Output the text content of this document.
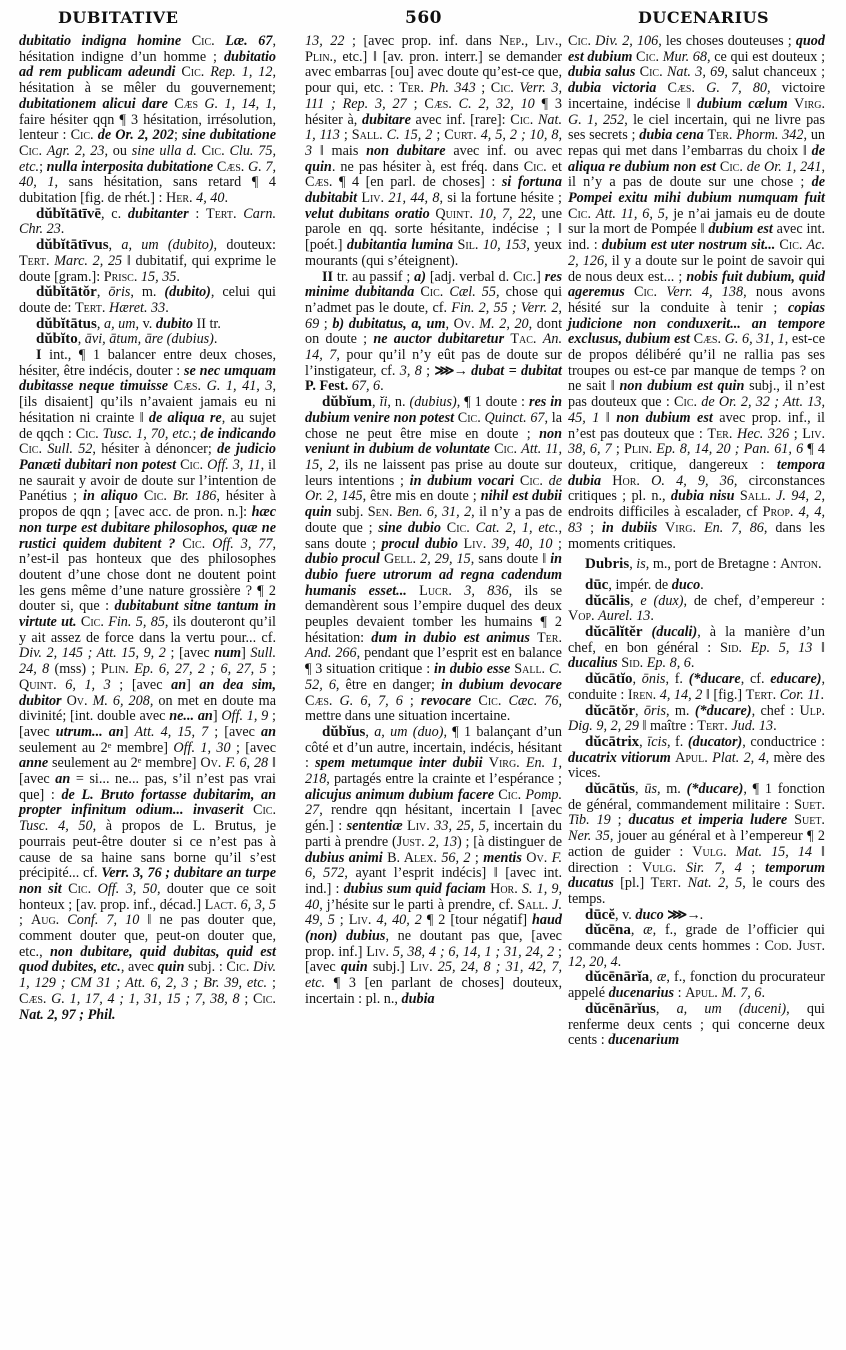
DUBITATIVE	560	DUCENARIUS

dubitatio indigna homine Cic. Læ. 67, hésitation indigne d’un homme ; dubitatio ad rem publicam adeundi Cic. Rep. 1, 12, hésitation à se mêler du gouvernement; dubitationem alicui dare Cæs G. 1, 14, 1, faire hésiter qqn ¶ 3 hésitation, irrésolution, lenteur : Cic. de Or. 2, 202; sine dubitatione Cic. Agr. 2, 23, ou sine ulla d. Cic. Clu. 75, etc.; nulla interposita dubitatione Cæs. G. 7, 40, 1, sans hésitation, sans retard ¶ 4 dubitation [fig. de rhét.] : Her. 4, 40.

dŭbĭtātīvē, c. dubitanter : Tert. Carn. Chr. 23.

dŭbĭtātīvus, a, um (dubito), douteux: Tert. Marc. 2, 25 ‖ dubitatif, qui exprime le doute [gram.]: Prisc. 15, 35.

dŭbĭtātŏr, ōris, m. (dubito), celui qui doute de: Tert. Hæret. 33.

dŭbĭtātus, a, um, v. dubito II tr.

dŭbĭto, āvi, ātum, āre (dubius).

I int., ¶ 1 balancer entre deux choses, hésiter, être indécis, douter : se nec umquam dubitasse neque timuisse Cæs. G. 1, 41, 3, [ils disaient] qu’ils n’avaient jamais eu ni hésitation ni crainte ‖ de aliqua re, au sujet de qqch : Cic. Tusc. 1, 70, etc.; de indicando Cic. Sull. 52, hésiter à dénoncer; de judicio Panæti dubitari non potest Cic. Off. 3, 11, il ne saurait y avoir de doute sur l’intention de Panétius ; in aliquo Cic. Br. 186, hésiter à propos de qqn ; [avec acc. de pron. n.]: hæc non turpe est dubitare philosophos, quæ ne rustici quidem dubitent ? Cic. Off. 3, 77, n’est-il pas honteux que des philosophes doutent d’une chose dont ne doutent point les gens même d’une nature grossière ? ¶ 2 douter si, que : dubitabunt sitne tantum in virtute ut. Cic. Fin. 5, 85, ils douteront qu’il y ait assez de force dans la vertu pour... cf. Div. 2, 145 ; Att. 15, 9, 2 ; [avec num] Sull. 24, 8 (mss) ; Plin. Ep. 6, 27, 2 ; 6, 27, 5 ; Quint. 6, 1, 3 ; [avec an] an dea sim, dubitor Ov. M. 6, 208, on met en doute ma divinité; [int. double avec ne... an] Off. 1, 9 ; [avec utrum... an] Att. 4, 15, 7 ; [avec an seulement au 2ᵉ membre] Off. 1, 30 ; [avec anne seulement au 2ᵉ membre] Ov. F. 6, 28 ‖ [avec an = si... ne... pas, s’il n’est pas vrai que] : de L. Bruto fortasse dubitarim, an propter infinitum odium... invaserit Cic. Tusc. 4, 50, à propos de L. Brutus, je pourrais peut-être douter si ce n’est pas à cause de sa haine sans borne qu’il s’est précipité... cf. Verr. 3, 76 ; dubitare an turpe non sit Cic. Off. 3, 50, douter que ce soit honteux ; [av. prop. inf., décad.] Lact. 6, 3, 5 ; Aug. Conf. 7, 10 ‖ ne pas douter que, comment douter que, peut-on douter que, etc., non dubitare, quid dubitas, quid est quod dubites, etc., avec quin subj. : Cic. Div. 1, 129 ; CM 31 ; Att. 6, 2, 3 ; Br. 39, etc. ; Cæs. G. 1, 17, 4 ; 1, 31, 15 ; 7, 38, 8 ; Cic. Nat. 2, 97 ; Phil.

13, 22 ; [avec prop. inf. dans Nep., Liv., Plin., etc.] ‖ [av. pron. interr.] se demander avec embarras [ou] avec doute qu’est-ce que, pour qui, etc. : Ter. Ph. 343 ; Cic. Verr. 3, 111 ; Rep. 3, 27 ; Cæs. C. 2, 32, 10 ¶ 3 hésiter à, dubitare avec inf. [rare]: Cic. Nat. 1, 113 ; Sall. C. 15, 2 ; Curt. 4, 5, 2 ; 10, 8, 3 ‖ mais non dubitare avec inf. ou avec quin. ne pas hésiter à, est fréq. dans Cic. et Cæs. ¶ 4 [en parl. de choses] : si fortuna dubitabit Liv. 21, 44, 8, si la fortune hésite ; velut dubitans oratio Quint. 10, 7, 22, une parole en qq. sorte hésitante, indécise ; ‖ [poét.] dubitantia lumina Sil. 10, 153, yeux mourants (qui s’éteignent).

II tr. au passif ; a) [adj. verbal d. Cic.] res minime dubitanda Cic. Cæl. 55, chose qui n’admet pas le doute, cf. Fin. 2, 55 ; Verr. 2, 69 ; b) dubitatus, a, um, Ov. M. 2, 20, dont on doute ; ne auctor dubitaretur Tac. An. 14, 7, pour qu’il n’y eût pas de doute sur l’instigateur, cf. 3, 8 ; ⋙→ dubat = dubitat P. Fest. 67, 6.

dŭbĭum, ĭi, n. (dubius), ¶ 1 doute : res in dubium venire non potest Cic. Quinct. 67, la chose ne peut être mise en doute ; non veniunt in dubium de voluntate Cic. Att. 11, 15, 2, ils ne laissent pas prise au doute sur leurs intentions ; in dubium vocari Cic. de Or. 2, 145, être mis en doute ; nihil est dubii quin subj. Sen. Ben. 6, 31, 2, il n’y a pas de doute que ; sine dubio Cic. Cat. 2, 1, etc., sans doute ; procul dubio Liv. 39, 40, 10 ; dubio procul Gell. 2, 29, 15, sans doute ‖ in dubio fuere utrorum ad regna cadendum humanis esset... Lucr. 3, 836, ils se demandèrent sous l’empire duquel des deux peuples devaient tomber les humains ¶ 2 hésitation: dum in dubio est animus Ter. And. 266, pendant que l’esprit est en balance ¶ 3 situation critique : in dubio esse Sall. C. 52, 6, être en danger; in dubium devocare Cæs. G. 6, 7, 6 ; revocare Cic. Cæc. 76, mettre dans une situation incertaine.

dŭbĭus, a, um (duo), ¶ 1 balançant d’un côté et d’un autre, incertain, indécis, hésitant : spem metumque inter dubii Virg. En. 1, 218, partagés entre la crainte et l’espérance ; alicujus animum dubium facere Cic. Pomp. 27, rendre qqn hésitant, incertain ‖ [avec gén.] : sententiæ Liv. 33, 25, 5, incertain du parti à prendre (Just. 2, 13) ; [à distinguer de dubius animi B. Alex. 56, 2 ; mentis Ov. F. 6, 572, ayant l’esprit indécis] ‖ [avec int. ind.] : dubius sum quid faciam Hor. S. 1, 9, 40, j’hésite sur le parti à prendre, cf. Sall. J. 49, 5 ; Liv. 4, 40, 2 ¶ 2 [tour négatif] haud (non) dubius, ne doutant pas que, [avec prop. inf.] Liv. 5, 38, 4 ; 6, 14, 1 ; 31, 24, 2 ; [avec quin subj.] Liv. 25, 24, 8 ; 31, 42, 7, etc. ¶ 3 [en parlant de choses] douteux, incertain : pl. n., dubia

Cic. Div. 2, 106, les choses douteuses ; quod est dubium Cic. Mur. 68, ce qui est douteux ; dubia salus Cic. Nat. 3, 69, salut chanceux ; dubia victoria Cæs. G. 7, 80, victoire incertaine, indécise ‖ dubium cælum Virg. G. 1, 252, le ciel incertain, qui ne livre pas ses secrets ; dubia cena Ter. Phorm. 342, un repas qui met dans l’embarras du choix ‖ de aliqua re dubium non est Cic. de Or. 1, 241, il n’y a pas de doute sur une chose ; de Pompei exitu mihi dubium numquam fuit Cic. Att. 11, 6, 5, je n’ai jamais eu de doute sur la mort de Pompée ‖ dubium est avec int. ind. : dubium est uter nostrum sit... Cic. Ac. 2, 126, il y a doute sur le point de savoir qui de nous deux est... ; nobis fuit dubium, quid ageremus Cic. Verr. 4, 138, nous avons hésité sur la conduite à tenir ; copias judicione non conduxerit... an tempore exclusus, dubium est Cæs. G. 6, 31, 1, est-ce de propos délibéré qu’il ne rallia pas ses troupes ou est-ce par manque de temps ? on ne sait ‖ non dubium est quin subj., il n’est pas douteux que : Cic. de Or. 2, 32 ; Att. 13, 45, 1 ‖ non dubium est avec prop. inf., il n’est pas douteux que : Ter. Hec. 326 ; Liv. 38, 6, 7 ; Plin. Ep. 8, 14, 20 ; Pan. 61, 6 ¶ 4 douteux, critique, dangereux : tempora dubia Hor. O. 4, 9, 36, circonstances critiques ; pl. n., dubia nisu Sall. J. 94, 2, endroits difficiles à escalader, cf Prop. 4, 4, 83 ; in dubiis Virg. En. 7, 86, dans les moments critiques.

Dubris, is, m., port de Bretagne : Anton.

dūc, impér. de duco.

dŭcālis, e (dux), de chef, d’empereur : Vop. Aurel. 13.

dŭcālĭtĕr (ducali), à la manière d’un chef, en bon général : Sid. Ep. 5, 13 ‖ ducalius Sid. Ep. 8, 6.

dŭcātĭo, ōnis, f. (*ducare, cf. educare), conduite : Iren. 4, 14, 2 ‖ [fig.] Tert. Cor. 11.

dŭcātŏr, ōris, m. (*ducare), chef : Ulp. Dig. 9, 2, 29 ‖ maître : Tert. Jud. 13.

dŭcātrix, īcis, f. (ducator), conductrice : ducatrix vitiorum Apul. Plat. 2, 4, mère des vices.

dŭcātŭs, ūs, m. (*ducare), ¶ 1 fonction de général, commandement militaire : Suet. Tib. 19 ; ducatus et imperia ludere Suet. Ner. 35, jouer au général et à l’empereur ¶ 2 action de guider : Vulg. Mat. 15, 14 ‖ direction : Vulg. Sir. 7, 4 ; temporum ducatus [pl.] Tert. Nat. 2, 5, le cours des temps.

dūcĕ, v. duco ⋙→.

dŭcēna, æ, f., grade de l’officier qui commande deux cents hommes : Cod. Just. 12, 20, 4.

dŭcēnārĭa, æ, f., fonction du procurateur appelé ducenarius : Apul. M. 7, 6.

dŭcēnārĭus, a, um (duceni), qui renferme deux cents ; qui concerne deux cents : ducenarium
